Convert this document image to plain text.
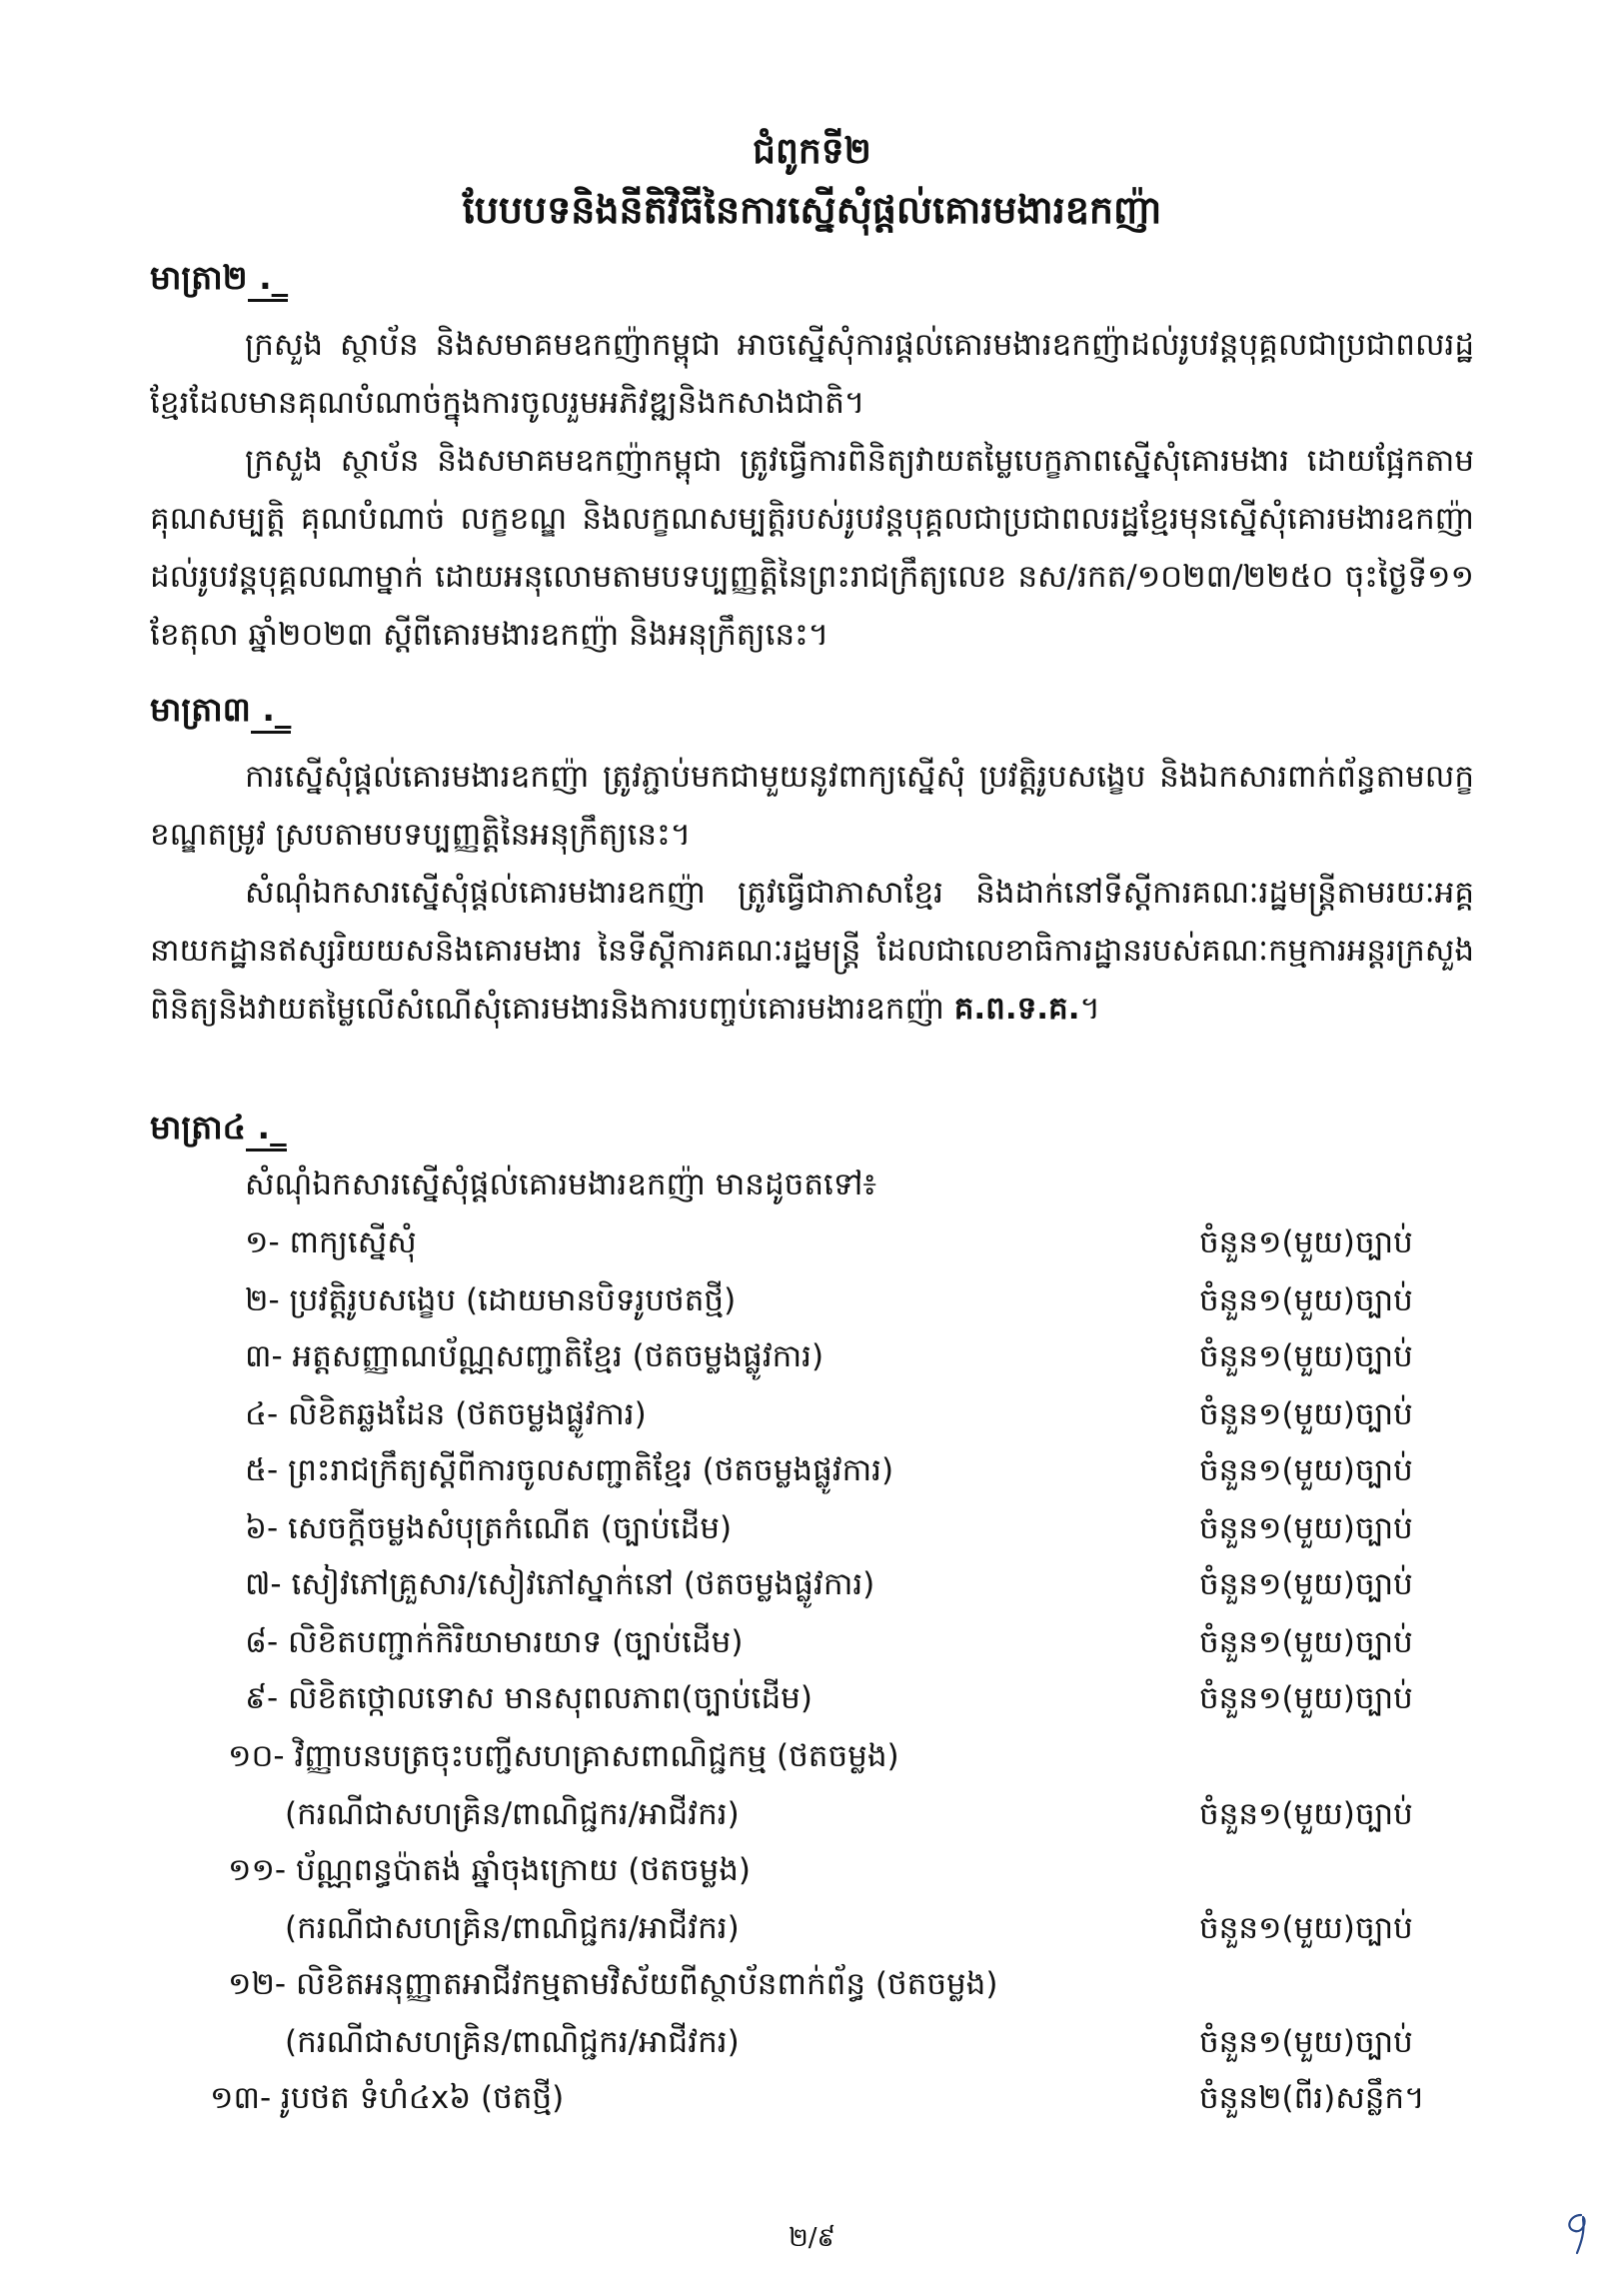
ជំពូកទី២
បែបបទនិងនីតិវិធីនៃការស្នើសុំផ្តល់គោរមងារឧកញ៉ា
មាត្រា២ ._

ក្រសួង ស្ថាប័ន និងសមាគមឧកញ៉ាកម្ពុជា អាចស្នើសុំការផ្តល់គោរមងារឧកញ៉ាដល់រូបវន្តបុគ្គលជាប្រជាពលរដ្ឋខ្មែរដែលមានគុណបំណាច់ក្នុងការចូលរួមអភិវឌ្ឍនិងកសាងជាតិ។

ក្រសួង ស្ថាប័ន និងសមាគមឧកញ៉ាកម្ពុជា ត្រូវធ្វើការពិនិត្យវាយតម្លៃបេក្ខភាពស្នើសុំគោរមងារ ដោយផ្អែកតាមគុណសម្បត្តិ គុណបំណាច់ លក្ខខណ្ឌ និងលក្ខណសម្បត្តិរបស់រូបវន្តបុគ្គលជាប្រជាពលរដ្ឋខ្មែរមុនស្នើសុំគោរមងារឧកញ៉ាដល់រូបវន្តបុគ្គលណាម្នាក់ ដោយអនុលោមតាមបទប្បញ្ញត្តិនៃព្រះរាជក្រឹត្យលេខ នស/រកត/១០២៣/២២៥០ ចុះថ្ងៃទី១១ ខែតុលា ឆ្នាំ២០២៣ ស្តីពីគោរមងារឧកញ៉ា និងអនុក្រឹត្យនេះ។

មាត្រា៣ ._

ការស្នើសុំផ្តល់គោរមងារឧកញ៉ា ត្រូវភ្ជាប់មកជាមួយនូវពាក្យស្នើសុំ ប្រវត្តិរូបសង្ខេប និងឯកសារពាក់ព័ន្ធតាមលក្ខខណ្ឌតម្រូវ ស្របតាមបទប្បញ្ញត្តិនៃអនុក្រឹត្យនេះ។

សំណុំឯកសារស្នើសុំផ្តល់គោរមងារឧកញ៉ា ត្រូវធ្វើជាភាសាខ្មែរ និងដាក់នៅទីស្តីការគណៈរដ្ឋមន្ត្រីតាមរយៈអគ្គនាយកដ្ឋានឥស្សរិយយសនិងគោរមងារ នៃទីស្តីការគណៈរដ្ឋមន្ត្រី ដែលជាលេខាធិការដ្ឋានរបស់គណៈកម្មការអន្តរក្រសួងពិនិត្យនិងវាយតម្លៃលើសំណើសុំគោរមងារនិងការបញ្ចប់គោរមងារឧកញ៉ា គ.ព.ទ.គ.។

មាត្រា៤ ._
សំណុំឯកសារស្នើសុំផ្តល់គោរមងារឧកញ៉ា មានដូចតទៅ៖
១- ពាក្យស្នើសុំ	ចំនួន១(មួយ)ច្បាប់
២- ប្រវត្តិរូបសង្ខេប (ដោយមានបិទរូបថតថ្មី)	ចំនួន១(មួយ)ច្បាប់
៣- អត្តសញ្ញាណប័ណ្ណសញ្ជាតិខ្មែរ (ថតចម្លងផ្លូវការ)	ចំនួន១(មួយ)ច្បាប់
៤- លិខិតឆ្លងដែន (ថតចម្លងផ្លូវការ)	ចំនួន១(មួយ)ច្បាប់
៥- ព្រះរាជក្រឹត្យស្តីពីការចូលសញ្ជាតិខ្មែរ (ថតចម្លងផ្លូវការ)	ចំនួន១(មួយ)ច្បាប់
៦- សេចក្តីចម្លងសំបុត្រកំណើត (ច្បាប់ដើម)	ចំនួន១(មួយ)ច្បាប់
៧- សៀវភៅគ្រួសារ/សៀវភៅស្នាក់នៅ (ថតចម្លងផ្លូវការ)	ចំនួន១(មួយ)ច្បាប់
៨- លិខិតបញ្ជាក់កិរិយាមារយាទ (ច្បាប់ដើម)	ចំនួន១(មួយ)ច្បាប់
៩- លិខិតថ្កោលទោស មានសុពលភាព(ច្បាប់ដើម)	ចំនួន១(មួយ)ច្បាប់
១០- វិញ្ញាបនបត្រចុះបញ្ជីសហគ្រាសពាណិជ្ជកម្ម (ថតចម្លង)
(ករណីជាសហគ្រិន/ពាណិជ្ជករ/អាជីវករ)	ចំនួន១(មួយ)ច្បាប់
១១- ប័ណ្ណពន្ធប៉ាតង់ ឆ្នាំចុងក្រោយ (ថតចម្លង)
(ករណីជាសហគ្រិន/ពាណិជ្ជករ/អាជីវករ)	ចំនួន១(មួយ)ច្បាប់
១២- លិខិតអនុញ្ញាតអាជីវកម្មតាមវិស័យពីស្ថាប័នពាក់ព័ន្ធ (ថតចម្លង)
(ករណីជាសហគ្រិន/ពាណិជ្ជករ/អាជីវករ)	ចំនួន១(មួយ)ច្បាប់
១៣- រូបថត ទំហំ៤x៦ (ថតថ្មី)	ចំនួន២(ពីរ)សន្លឹក។
២/៩
